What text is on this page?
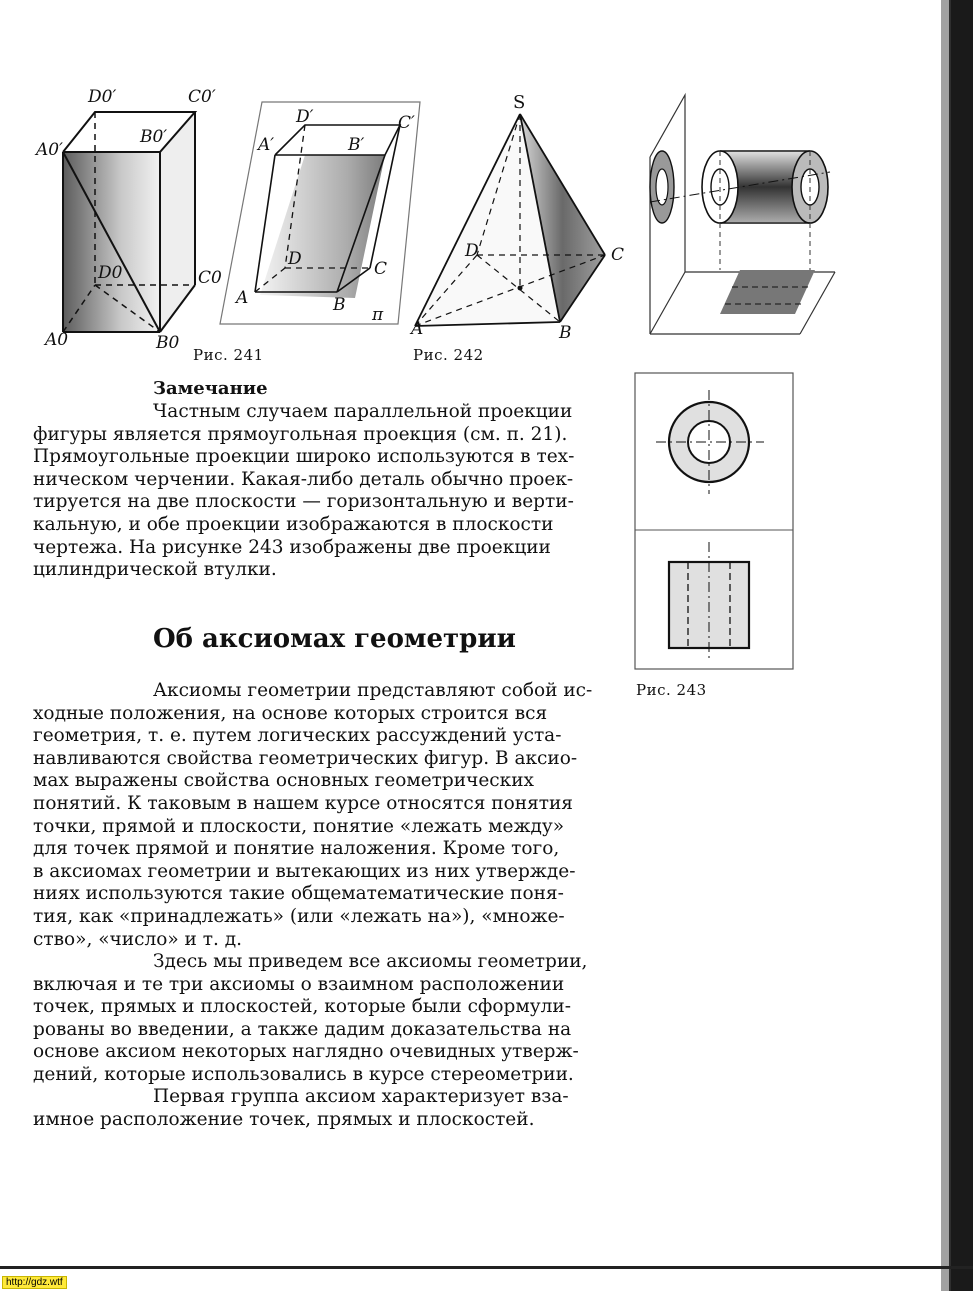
D0′	C0′
A0′
B0′
D0	C0
A0	B0
D′	C′
A′	B′
D	C
A	B π
Рис. 241
S
D	C
A	B
Рис. 242
Рис. 243
Замечание

Частным случаем параллельной проекции

фигуры является прямоугольная проекция (см. п. 21).

Прямоугольные проекции широко используются в тех-

ническом черчении. Какая-либо деталь обычно проек-

тируется на две плоскости — горизонтальную и верти-

кальную, и обе проекции изображаются в плоскости

чертежа. На рисунке 243 изображены две проекции

цилиндрической втулки.

Об аксиомах геометрии

Аксиомы геометрии представляют собой ис-

ходные положения, на основе которых строится вся

геометрия, т. е. путем логических рассуждений уста-

навливаются свойства геометрических фигур. В аксио-

мах выражены свойства основных геометрических

понятий. К таковым в нашем курсе относятся понятия

точки, прямой и плоскости, понятие «лежать между»

для точек прямой и понятие наложения. Кроме того,

в аксиомах геометрии и вытекающих из них утвержде-

ниях используются такие общематематические поня-

тия, как «принадлежать» (или «лежать на»), «множе-

ство», «число» и т. д.

Здесь мы приведем все аксиомы геометрии,

включая и те три аксиомы о взаимном расположении

точек, прямых и плоскостей, которые были сформули-

рованы во введении, а также дадим доказательства на

основе аксиом некоторых наглядно очевидных утверж-

дений, которые использовались в курсе стереометрии.

Первая группа аксиом характеризует вза-

имное расположение точек, прямых и плоскостей.

http://gdz.wtf
